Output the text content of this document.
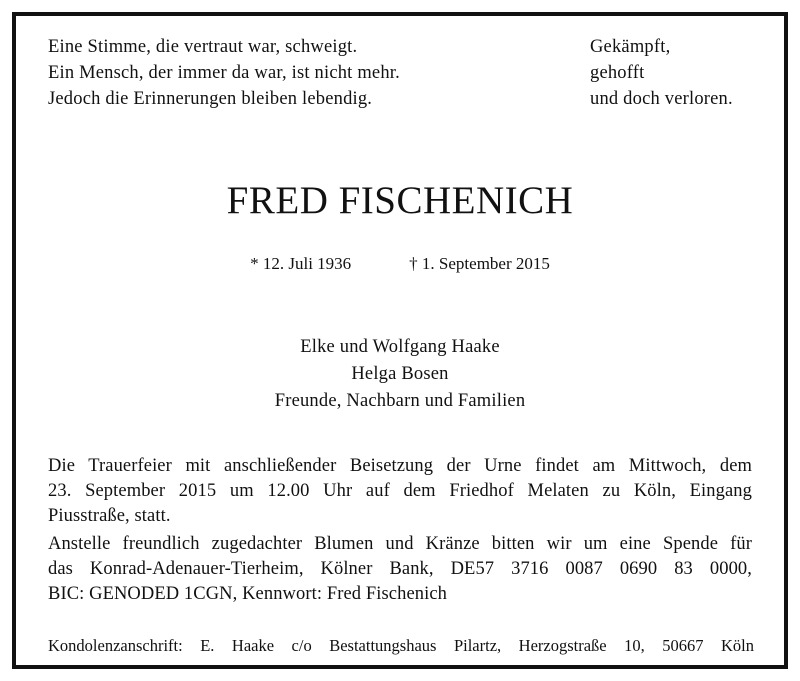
Eine Stimme, die vertraut war, schweigt.
Ein Mensch, der immer da war, ist nicht mehr.
Jedoch die Erinnerungen bleiben lebendig.
Gekämpft,
gehofft
und doch verloren.
FRED FISCHENICH
* 12. Juli 1936	† 1. September 2015
Elke und Wolfgang Haake
Helga Bosen
Freunde, Nachbarn und Familien
Die Trauerfeier mit anschließender Beisetzung der Urne findet am Mittwoch, dem
23. September 2015 um 12.00 Uhr auf dem Friedhof Melaten zu Köln, Eingang
Piusstraße, statt.
Anstelle freundlich zugedachter Blumen und Kränze bitten wir um eine Spende für
das Konrad-Adenauer-Tierheim, Kölner Bank, DE57 3716 0087 0690 83 0000,
BIC: GENODED 1CGN, Kennwort: Fred Fischenich
Kondolenzanschrift: E. Haake c/o Bestattungshaus Pilartz, Herzogstraße 10, 50667 Köln
